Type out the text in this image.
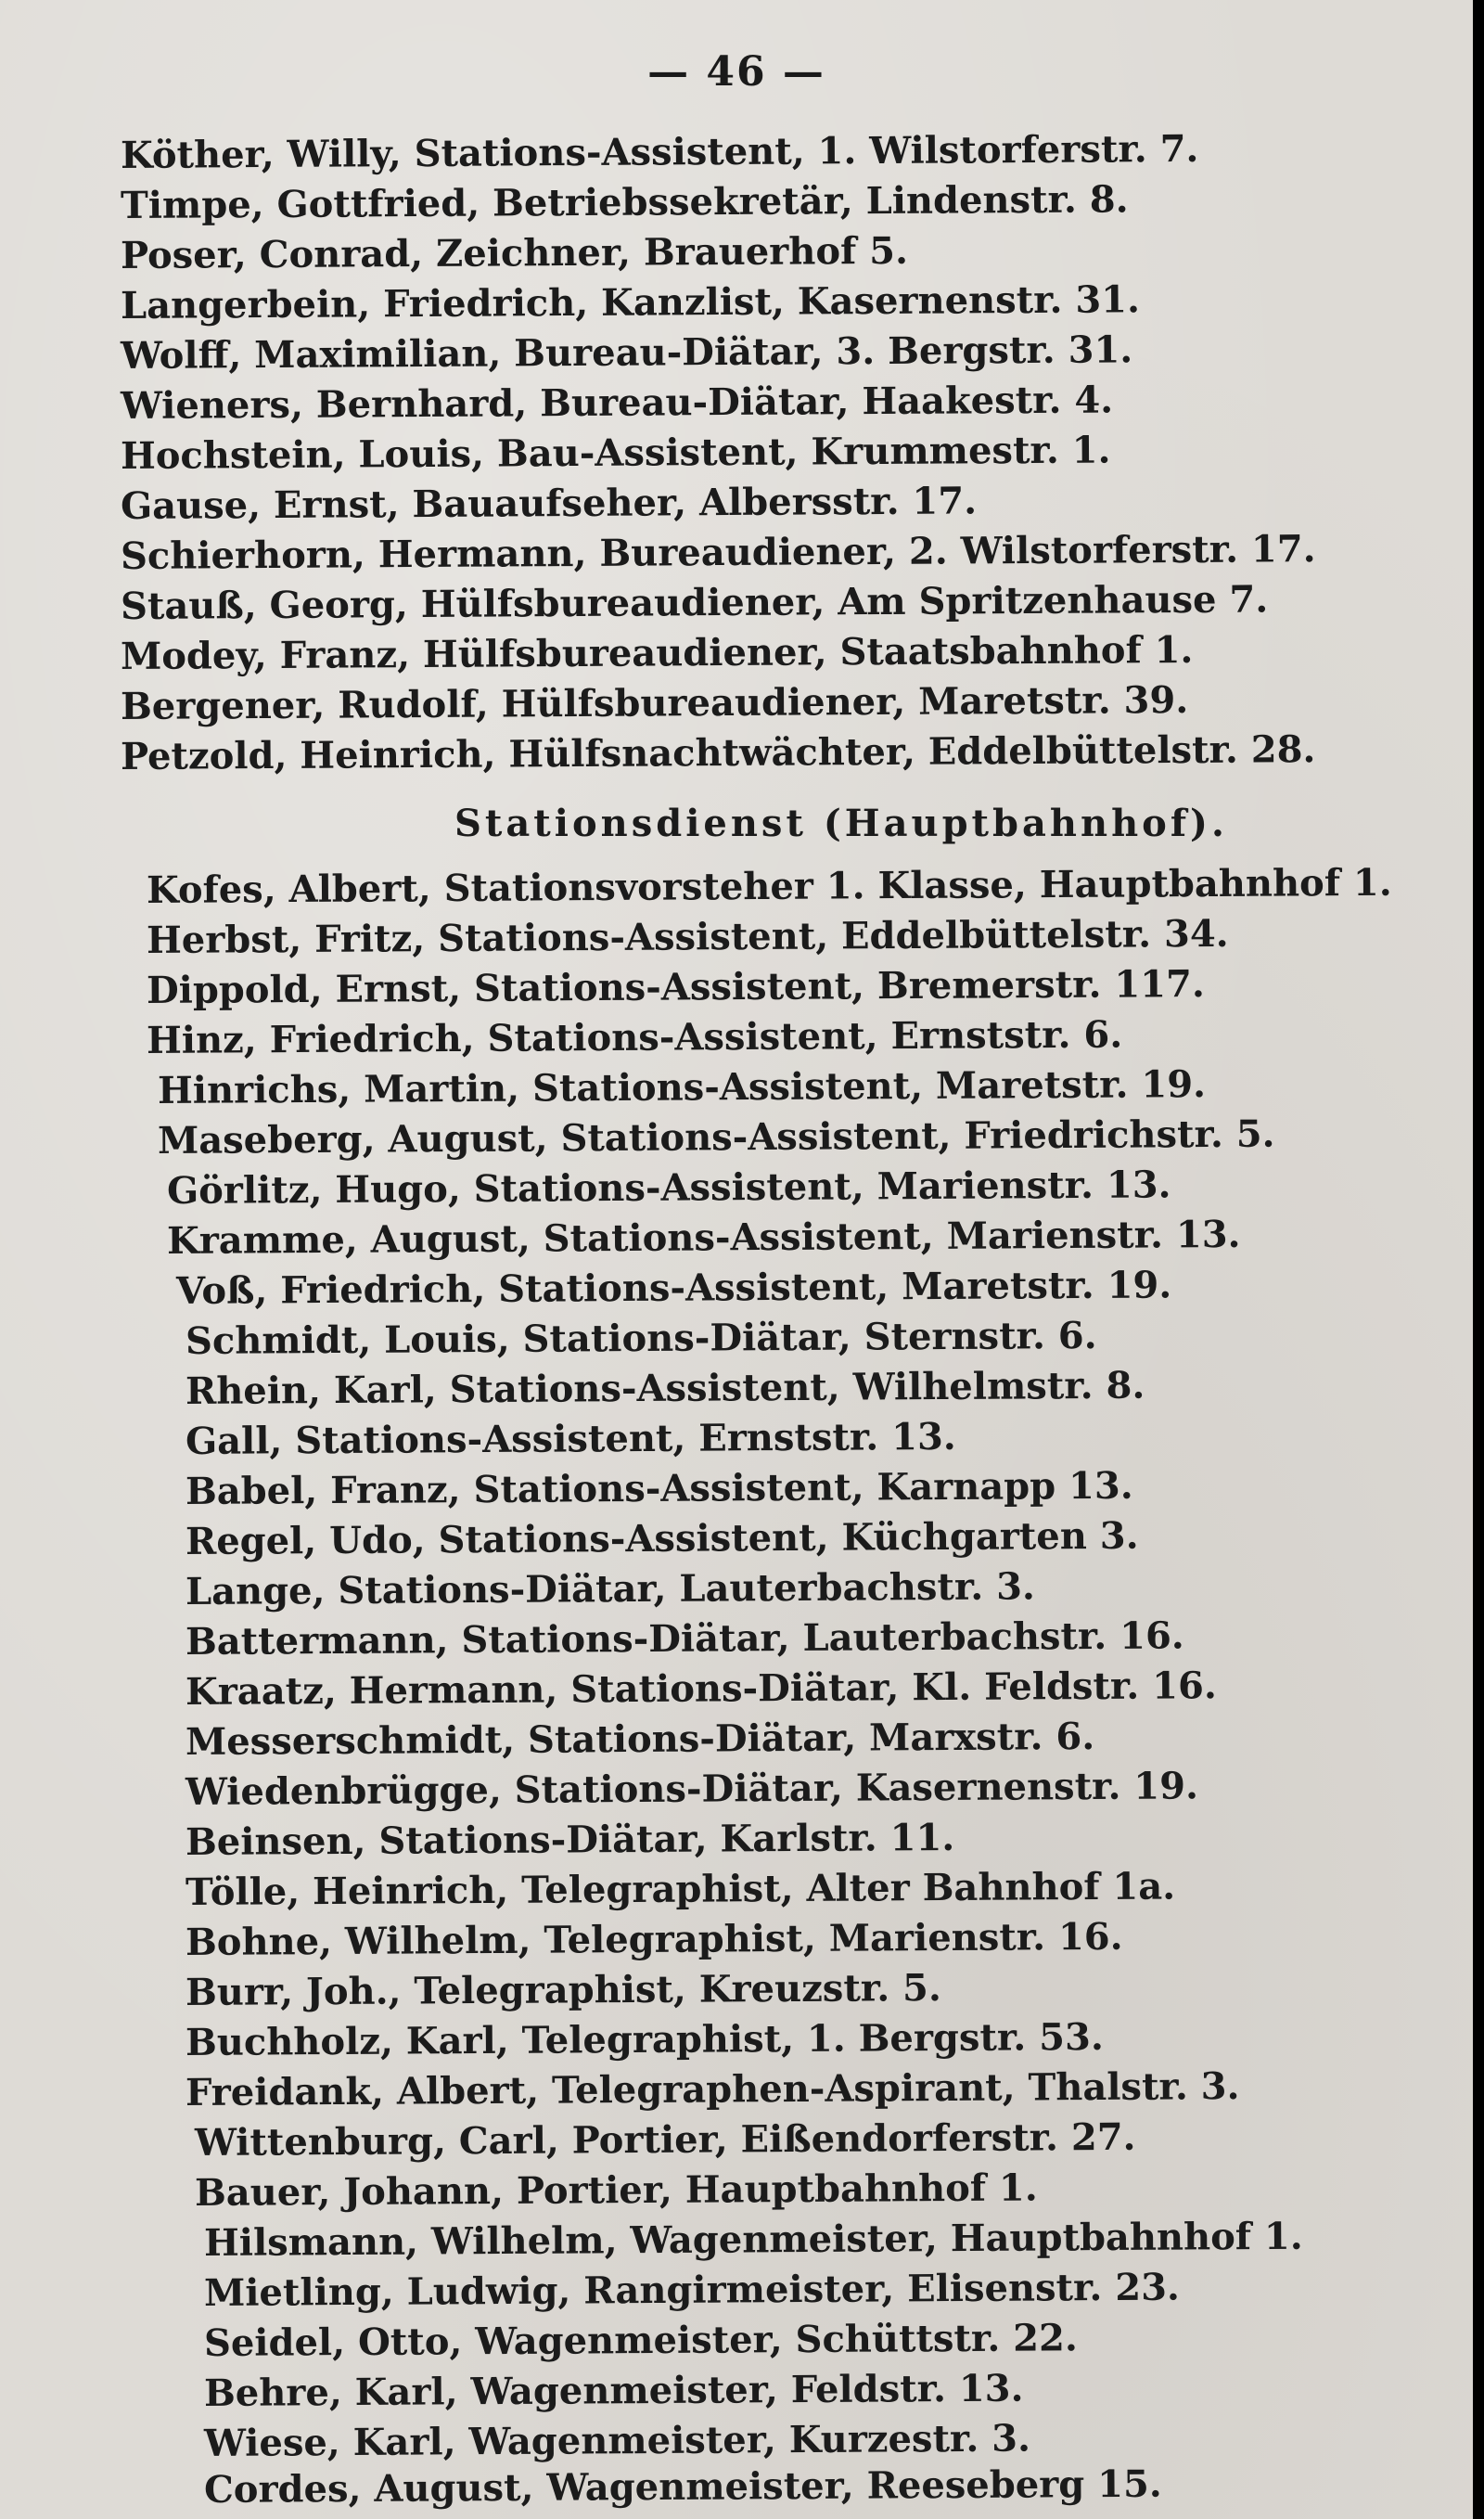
— 46 —
Köther, Willy, Stations-Assistent, 1. Wilstorferstr. 7.
Timpe, Gottfried, Betriebssekretär, Lindenstr. 8.
Poser, Conrad, Zeichner, Brauerhof 5.
Langerbein, Friedrich, Kanzlist, Kasernenstr. 31.
Wolff, Maximilian, Bureau-Diätar, 3. Bergstr. 31.
Wieners, Bernhard, Bureau-Diätar, Haakestr. 4.
Hochstein, Louis, Bau-Assistent, Krummestr. 1.
Gause, Ernst, Bauaufseher, Albersstr. 17.
Schierhorn, Hermann, Bureaudiener, 2. Wilstorferstr. 17.
Stauß, Georg, Hülfsbureaudiener, Am Spritzenhause 7.
Modey, Franz, Hülfsbureaudiener, Staatsbahnhof 1.
Bergener, Rudolf, Hülfsbureaudiener, Maretstr. 39.
Petzold, Heinrich, Hülfsnachtwächter, Eddelbüttelstr. 28.
Stationsdienst (Hauptbahnhof).
Kofes, Albert, Stationsvorsteher 1. Klasse, Hauptbahnhof 1.
Herbst, Fritz, Stations-Assistent, Eddelbüttelstr. 34.
Dippold, Ernst, Stations-Assistent, Bremerstr. 117.
Hinz, Friedrich, Stations-Assistent, Ernststr. 6.
Hinrichs, Martin, Stations-Assistent, Maretstr. 19.
Maseberg, August, Stations-Assistent, Friedrichstr. 5.
Görlitz, Hugo, Stations-Assistent, Marienstr. 13.
Kramme, August, Stations-Assistent, Marienstr. 13.
Voß, Friedrich, Stations-Assistent, Maretstr. 19.
Schmidt, Louis, Stations-Diätar, Sternstr. 6.
Rhein, Karl, Stations-Assistent, Wilhelmstr. 8.
Gall, Stations-Assistent, Ernststr. 13.
Babel, Franz, Stations-Assistent, Karnapp 13.
Regel, Udo, Stations-Assistent, Küchgarten 3.
Lange, Stations-Diätar, Lauterbachstr. 3.
Battermann, Stations-Diätar, Lauterbachstr. 16.
Kraatz, Hermann, Stations-Diätar, Kl. Feldstr. 16.
Messerschmidt, Stations-Diätar, Marxstr. 6.
Wiedenbrügge, Stations-Diätar, Kasernenstr. 19.
Beinsen, Stations-Diätar, Karlstr. 11.
Tölle, Heinrich, Telegraphist, Alter Bahnhof 1a.
Bohne, Wilhelm, Telegraphist, Marienstr. 16.
Burr, Joh., Telegraphist, Kreuzstr. 5.
Buchholz, Karl, Telegraphist, 1. Bergstr. 53.
Freidank, Albert, Telegraphen-Aspirant, Thalstr. 3.
Wittenburg, Carl, Portier, Eißendorferstr. 27.
Bauer, Johann, Portier, Hauptbahnhof 1.
Hilsmann, Wilhelm, Wagenmeister, Hauptbahnhof 1.
Mietling, Ludwig, Rangirmeister, Elisenstr. 23.
Seidel, Otto, Wagenmeister, Schüttstr. 22.
Behre, Karl, Wagenmeister, Feldstr. 13.
Wiese, Karl, Wagenmeister, Kurzestr. 3.
Cordes, August, Wagenmeister, Reeseberg 15.
